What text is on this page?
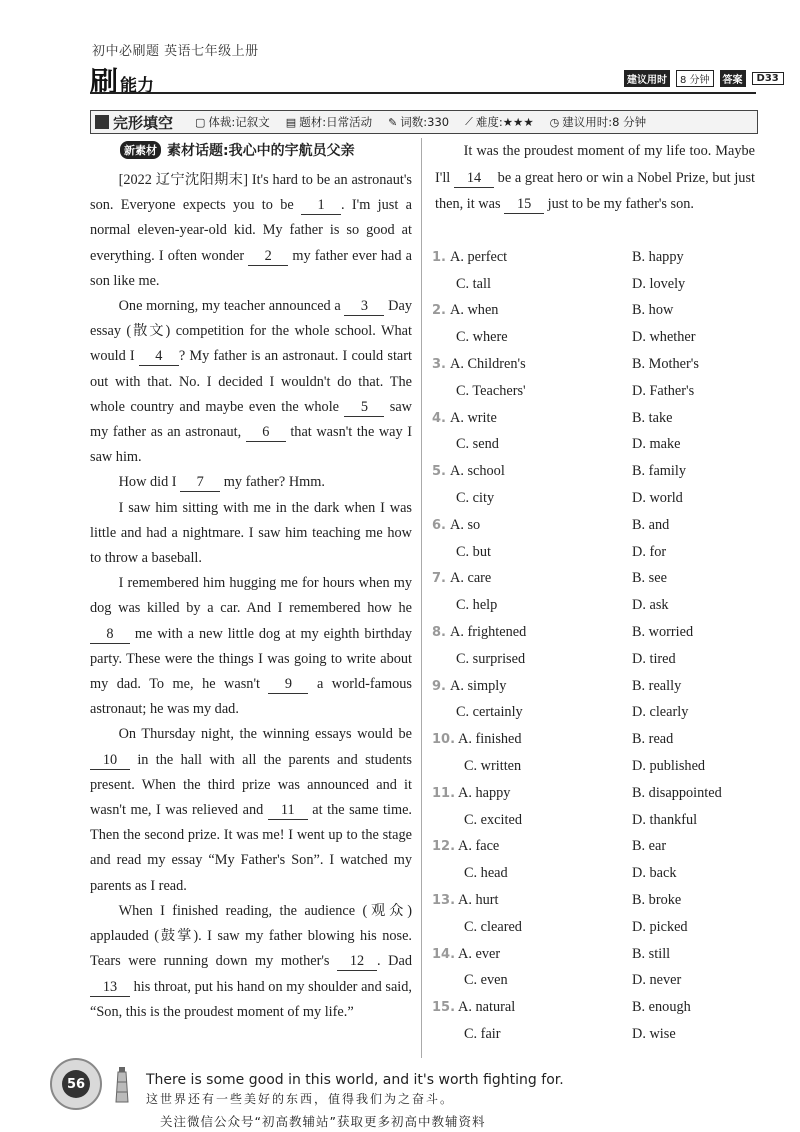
初中必刷题 英语七年级上册
刷能力	建议用时	8 分钟	答案	D33
完形填空 ▢ 体裁:记叙文 ▤ 题材:日常活动 ✎ 词数:330 ⟋ 难度:★★★ ◷ 建议用时:8 分钟
新素材 素材话题:我心中的宇航员父亲

[2022 辽宁沈阳期末] It's hard to be an astronaut's son. Everyone expects you to be 1 . I'm just a normal eleven-year-old kid. My father is so good at everything. I often wonder 2 my father ever had a son like me.

One morning, my teacher announced a 3 Day essay (散文) competition for the whole school. What would I 4 ? My father is an astronaut. I could start out with that. No. I decided I wouldn't do that. The whole country and maybe even the whole 5 saw my father as an astronaut, 6 that wasn't the way I saw him.

How did I 7 my father? Hmm.

I saw him sitting with me in the dark when I was little and had a nightmare. I saw him teaching me how to throw a baseball.

I remembered him hugging me for hours when my dog was killed by a car. And I remembered how he 8 me with a new little dog at my eighth birthday party. These were the things I was going to write about my dad. To me, he wasn't 9 a world-famous astronaut; he was my dad.

On Thursday night, the winning essays would be 10 in the hall with all the parents and students present. When the third prize was announced and it wasn't me, I was relieved and 11 at the same time. Then the second prize. It was me! I went up to the stage and read my essay “My Father's Son”. I watched my parents as I read.

When I finished reading, the audience (观众) applauded (鼓掌). I saw my father blowing his nose. Tears were running down my mother's 12 . Dad 13 his throat, put his hand on my shoulder and said, “Son, this is the proudest moment of my life.”

It was the proudest moment of my life too. Maybe I'll 14 be a great hero or win a Nobel Prize, but just then, it was 15 just to be my father's son.

1. A. perfect	B. happy
C. tall	D. lovely
2. A. when	B. how
C. where	D. whether
3. A. Children's	B. Mother's
C. Teachers'	D. Father's
4. A. write	B. take
C. send	D. make
5. A. school	B. family
C. city	D. world
6. A. so	B. and
C. but	D. for
7. A. care	B. see
C. help	D. ask
8. A. frightened	B. worried
C. surprised	D. tired
9. A. simply	B. really
C. certainly	D. clearly
10. A. finished	B. read
C. written	D. published
11. A. happy	B. disappointed
C. excited	D. thankful
12. A. face	B. ear
C. head	D. back
13. A. hurt	B. broke
C. cleared	D. picked
14. A. ever	B. still
C. even	D. never
15. A. natural	B. enough
C. fair	D. wise
56	There is some good in this world, and it's worth fighting for.
这世界还有一些美好的东西，值得我们为之奋斗。
关注微信公众号“初高教辅站”获取更多初高中教辅资料
